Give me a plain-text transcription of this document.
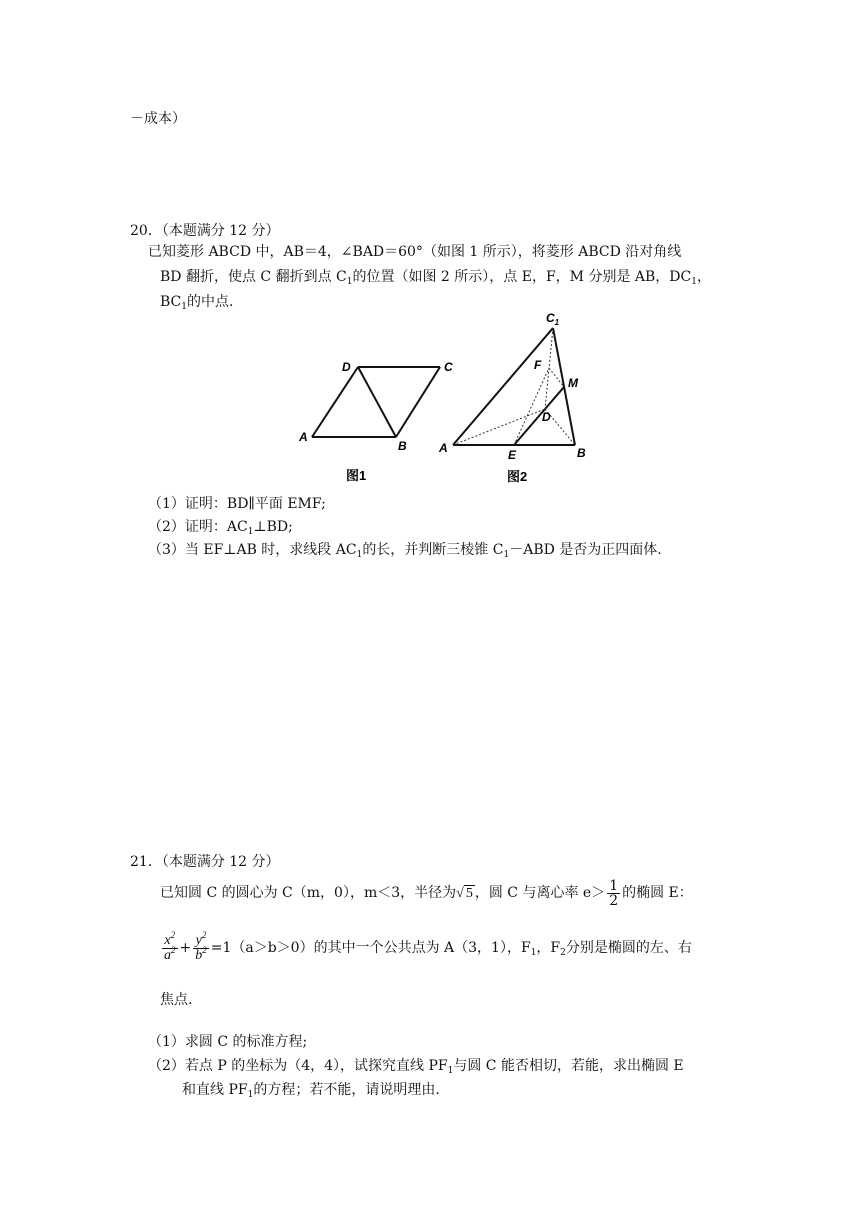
－成本）
20．（本题满分 12 分）
已知菱形 ABCD 中，AB＝4，∠BAD＝60°（如图 1 所示），将菱形 ABCD 沿对角线
BD 翻折，使点 C 翻折到点 $C_1$的位置（如图 2 所示），点 E，F，M 分别是 AB，$DC_1$，
$BC_1$的中点.
A
B
C
D
图1
$C_1$
F
M
D
A	E	B
图2
（1）证明：BD∥平面 EMF;
（2）证明：$AC_1\perp BD$;
（3）当 EF⊥AB 时，求线段 $AC_1$的长，并判断三棱锥 $C_1-ABD$ 是否为正四面体.
21．（本题满分 12 分）
已知圆 C 的圆心为 C（m，0），m＜3，半径为√ 5 ，圆 C 与离心率 $e> \frac{1}{2}$ 的椭圆 E：
$\frac{x^2}{a^2} + \frac{y^2}{b^2} =1(a>b>0)$的其中一个公共点为 A（3，1），$F_1$，$F_2$分别是椭圆的左、右
焦点.
（1）求圆 C 的标准方程;
（2）若点 P 的坐标为（4，4），试探究直线 $PF_1$与圆 C 能否相切，若能，求出椭圆 E
和直线 $PF_1$的方程；若不能，请说明理由.
